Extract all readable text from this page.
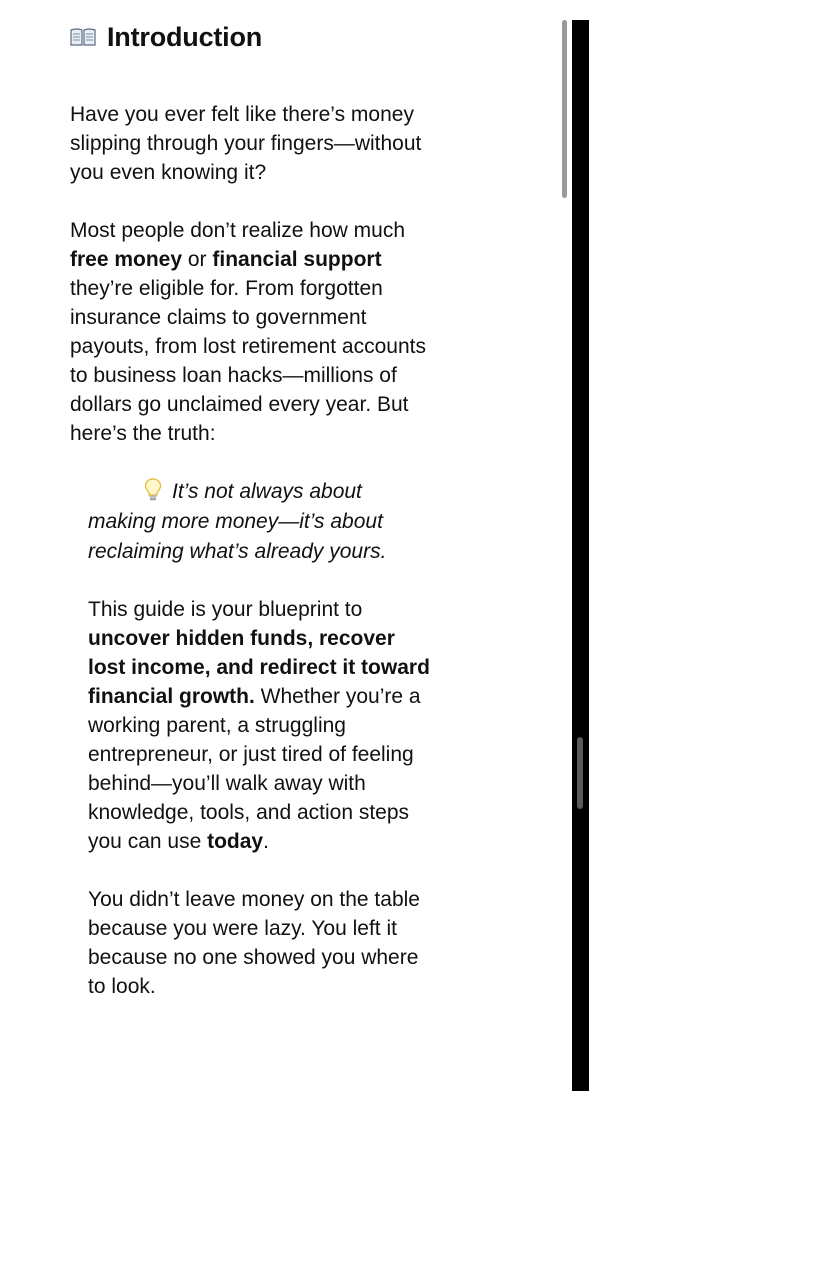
Introduction

Have you ever felt like there’s money slipping through your fingers—without you even knowing it?

Most people don’t realize how much free money or financial support they’re eligible for. From forgotten insurance claims to government payouts, from lost retirement accounts to business loan hacks—millions of dollars go unclaimed every year. But here’s the truth:

It’s not always about making more money—it’s about reclaiming what’s already yours.

This guide is your blueprint to uncover hidden funds, recover lost income, and redirect it toward financial growth. Whether you’re a working parent, a struggling entrepreneur, or just tired of feeling behind—you’ll walk away with knowledge, tools, and action steps you can use today.

You didn’t leave money on the table because you were lazy. You left it because no one showed you where to look.
